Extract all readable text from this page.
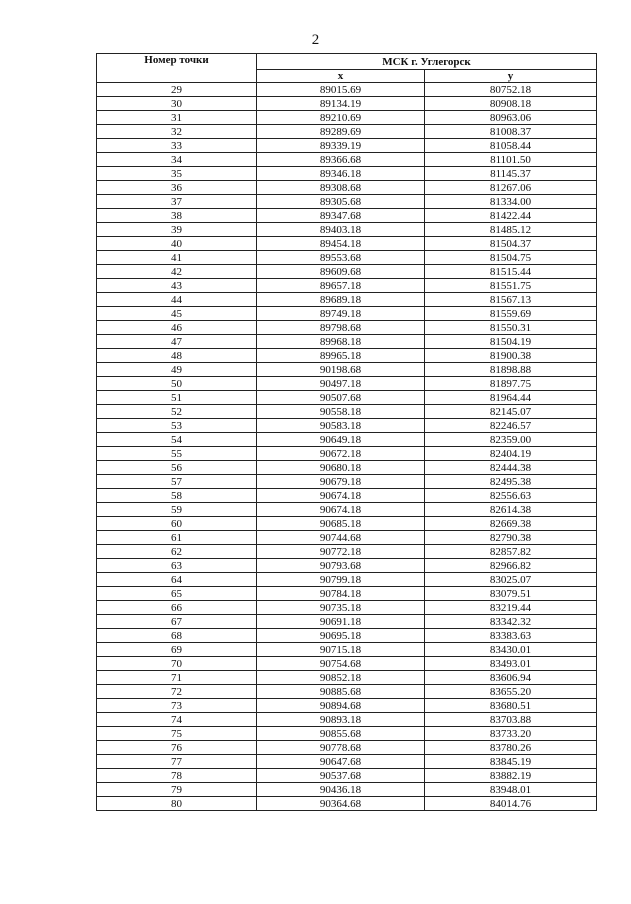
2
Номер точки	МСК г. Углегорск	
	x	y
29	89015.69	80752.18
30	89134.19	80908.18
31	89210.69	80963.06
32	89289.69	81008.37
33	89339.19	81058.44
34	89366.68	81101.50
35	89346.18	81145.37
36	89308.68	81267.06
37	89305.68	81334.00
38	89347.68	81422.44
39	89403.18	81485.12
40	89454.18	81504.37
41	89553.68	81504.75
42	89609.68	81515.44
43	89657.18	81551.75
44	89689.18	81567.13
45	89749.18	81559.69
46	89798.68	81550.31
47	89968.18	81504.19
48	89965.18	81900.38
49	90198.68	81898.88
50	90497.18	81897.75
51	90507.68	81964.44
52	90558.18	82145.07
53	90583.18	82246.57
54	90649.18	82359.00
55	90672.18	82404.19
56	90680.18	82444.38
57	90679.18	82495.38
58	90674.18	82556.63
59	90674.18	82614.38
60	90685.18	82669.38
61	90744.68	82790.38
62	90772.18	82857.82
63	90793.68	82966.82
64	90799.18	83025.07
65	90784.18	83079.51
66	90735.18	83219.44
67	90691.18	83342.32
68	90695.18	83383.63
69	90715.18	83430.01
70	90754.68	83493.01
71	90852.18	83606.94
72	90885.68	83655.20
73	90894.68	83680.51
74	90893.18	83703.88
75	90855.68	83733.20
76	90778.68	83780.26
77	90647.68	83845.19
78	90537.68	83882.19
79	90436.18	83948.01
80	90364.68	84014.76
